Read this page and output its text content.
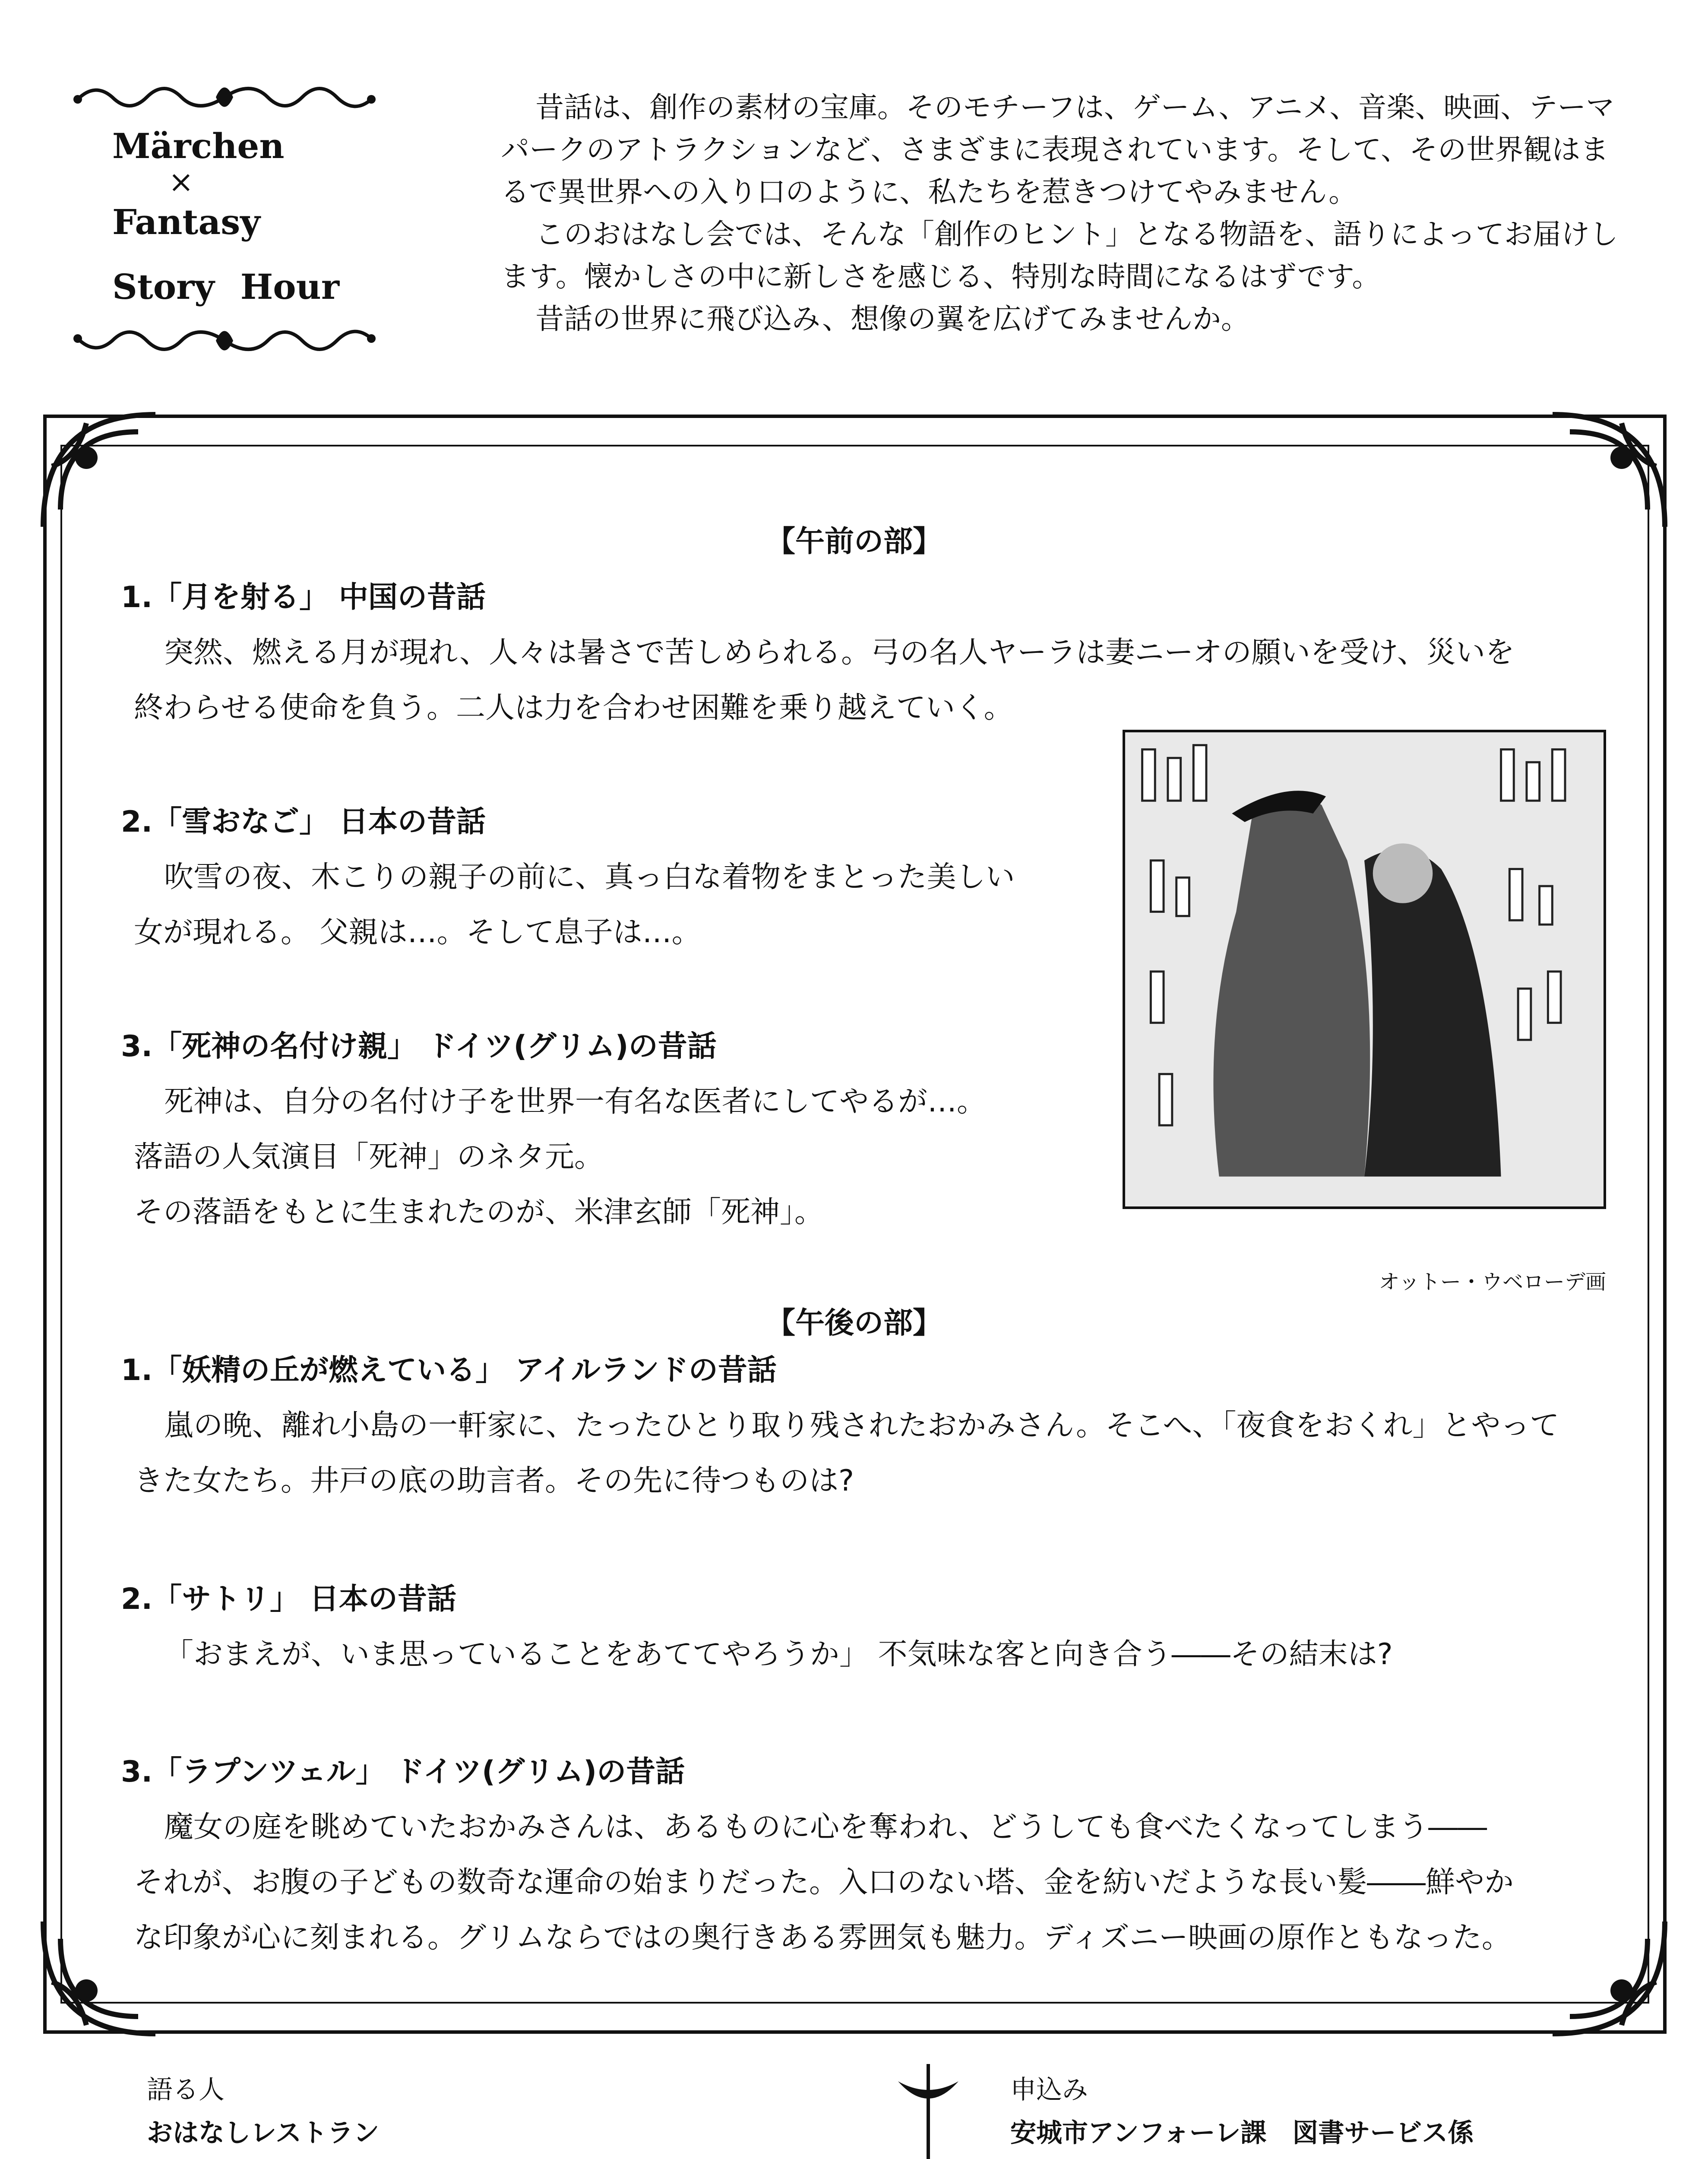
Märchen
×
Fantasy
Story Hour

昔話は、創作の素材の宝庫。そのモチーフは、ゲーム、アニメ、音楽、映画、テーマパークのアトラクションなど、さまざまに表現されています。そして、その世界観はまるで異世界への入り口のように、私たちを惹きつけてやみません。

このおはなし会では、そんな「創作のヒント」となる物語を、語りによってお届けします。懐かしさの中に新しさを感じる、特別な時間になるはずです。

昔話の世界に飛び込み、想像の翼を広げてみませんか。

【午前の部】
1.「月を射る」 中国の昔話
突然、燃える月が現れ、人々は暑さで苦しめられる。弓の名人ヤーラは妻ニーオの願いを受け、災いを
終わらせる使命を負う。二人は力を合わせ困難を乗り越えていく。
2.「雪おなご」 日本の昔話
吹雪の夜、木こりの親子の前に、真っ白な着物をまとった美しい
女が現れる。 父親は…。そして息子は…。
3.「死神の名付け親」 ドイツ(グリム)の昔話
死神は、自分の名付け子を世界一有名な医者にしてやるが…。
落語の人気演目「死神」のネタ元。
その落語をもとに生まれたのが、米津玄師「死神」。
オットー・ウベローデ画
【午後の部】
1.「妖精の丘が燃えている」 アイルランドの昔話
嵐の晩、離れ小島の一軒家に、たったひとり取り残されたおかみさん。そこへ、「夜食をおくれ」とやって
きた女たち。井戸の底の助言者。その先に待つものは?
2.「サトリ」 日本の昔話
「おまえが、いま思っていることをあててやろうか」 不気味な客と向き合う――その結末は?
3.「ラプンツェル」 ドイツ(グリム)の昔話
魔女の庭を眺めていたおかみさんは、あるものに心を奪われ、どうしても食べたくなってしまう――
それが、お腹の子どもの数奇な運命の始まりだった。入口のない塔、金を紡いだような長い髪――鮮やか
な印象が心に刻まれる。グリムならではの奥行きある雰囲気も魅力。ディズニー映画の原作ともなった。
語る人
おはなしレストラン
申込み
安城市アンフォーレ課　図書サービス係
